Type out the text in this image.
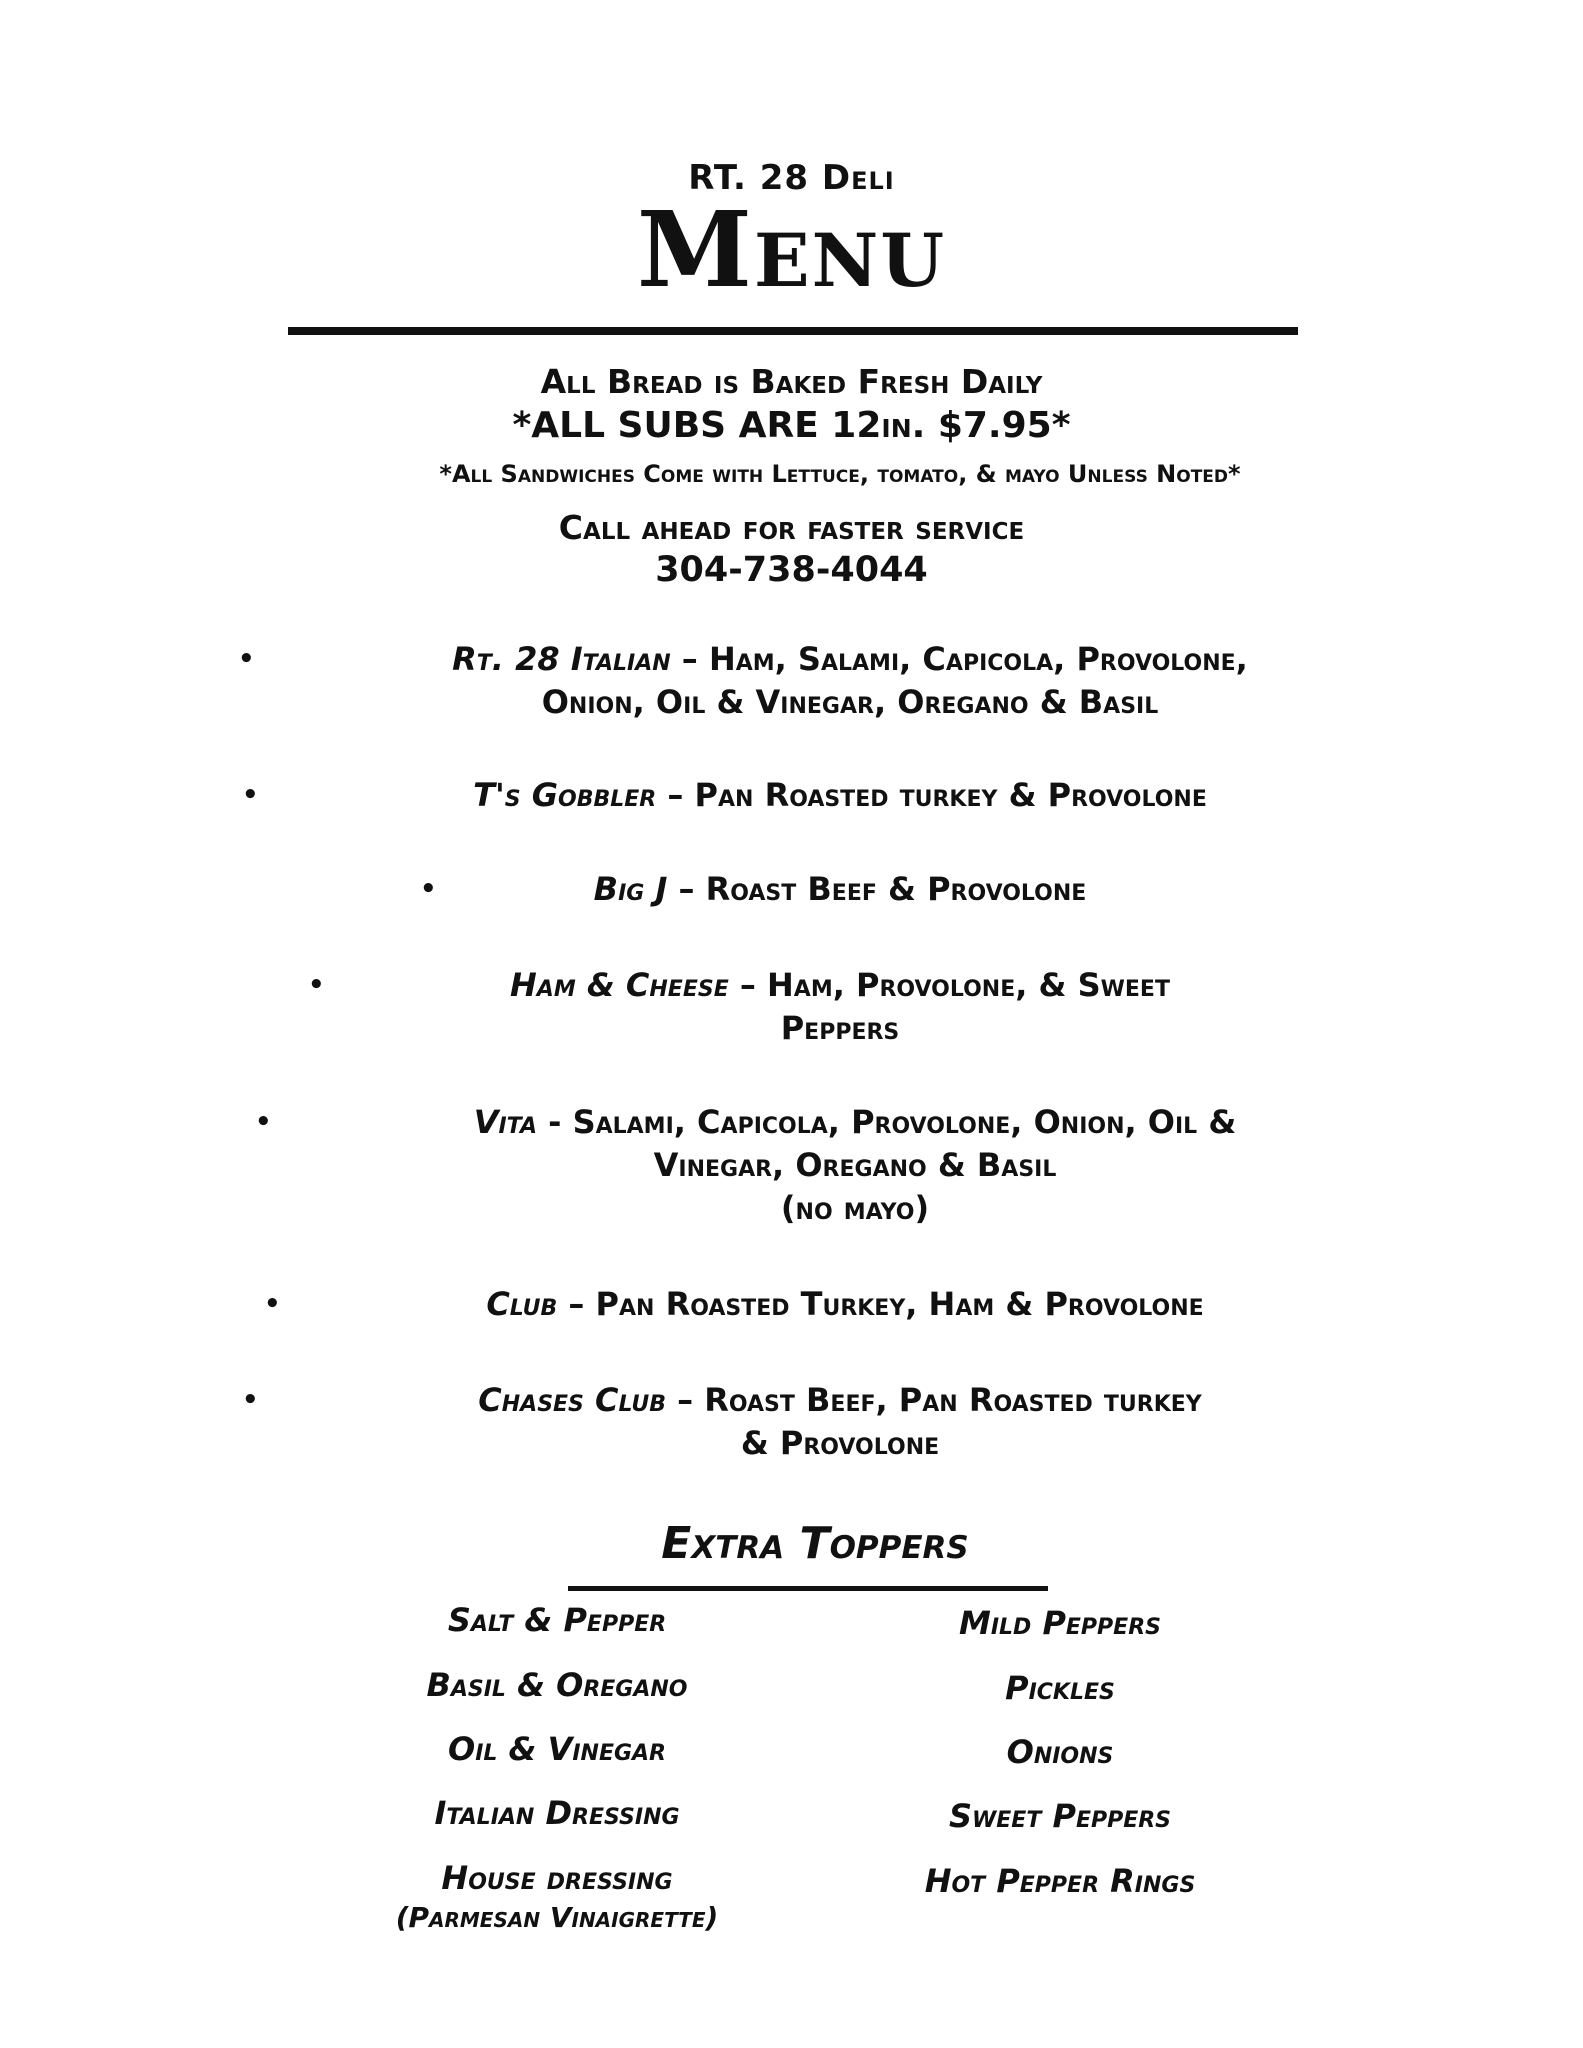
RT. 28 Deli
Menu
All Bread is Baked Fresh Daily
*ALL SUBS ARE 12in. $7.95*
*All Sandwiches Come with Lettuce, tomato, & mayo Unless Noted*
Call ahead for faster service
304-738-4044
•	Rt. 28 Italian – Ham, Salami, Capicola, Provolone,
Onion, Oil & Vinegar, Oregano & Basil
•	T's Gobbler – Pan Roasted turkey & Provolone
•	Big J – Roast Beef & Provolone
•	Ham & Cheese – Ham, Provolone, & Sweet
Peppers
•	Vita - Salami, Capicola, Provolone, Onion, Oil &
Vinegar, Oregano & Basil
(no mayo)
•	Club – Pan Roasted Turkey, Ham & Provolone
•	Chases Club – Roast Beef, Pan Roasted turkey
& Provolone
Extra Toppers
Salt & Pepper
Basil & Oregano
Oil & Vinegar
Italian Dressing
House dressing
(Parmesan Vinaigrette)
Mild Peppers
Pickles
Onions
Sweet Peppers
Hot Pepper Rings
